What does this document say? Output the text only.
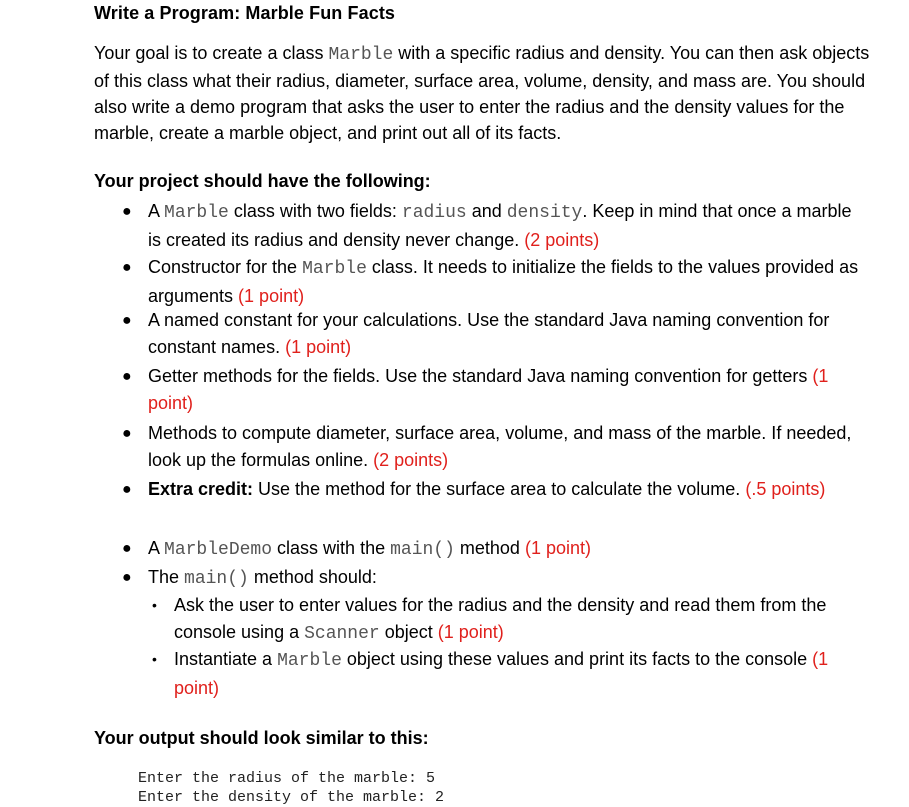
Write a Program: Marble Fun Facts

Your goal is to create a class Marble with a specific radius and density. You can then ask objects of this class what their radius, diameter, surface area, volume, density, and mass are. You should also write a demo program that asks the user to enter the radius and the density values for the marble, create a marble object, and print out all of its facts.

Your project should have the following:
● A Marble class with two fields: radius and density. Keep in mind that once a marble is created its radius and density never change. (2 points)
● Constructor for the Marble class. It needs to initialize the fields to the values provided as arguments (1 point)
● A named constant for your calculations. Use the standard Java naming convention for constant names. (1 point)
● Getter methods for the fields. Use the standard Java naming convention for getters (1 point)
● Methods to compute diameter, surface area, volume, and mass of the marble. If needed, look up the formulas online. (2 points)
● Extra credit: Use the method for the surface area to calculate the volume. (.5 points)
● A MarbleDemo class with the main() method (1 point)
● The main() method should:
• Ask the user to enter values for the radius and the density and read them from the console using a Scanner object (1 point)
• Instantiate a Marble object using these values and print its facts to the console (1 point)
Your output should look similar to this:
Enter the radius of the marble: 5
Enter the density of the marble: 2
